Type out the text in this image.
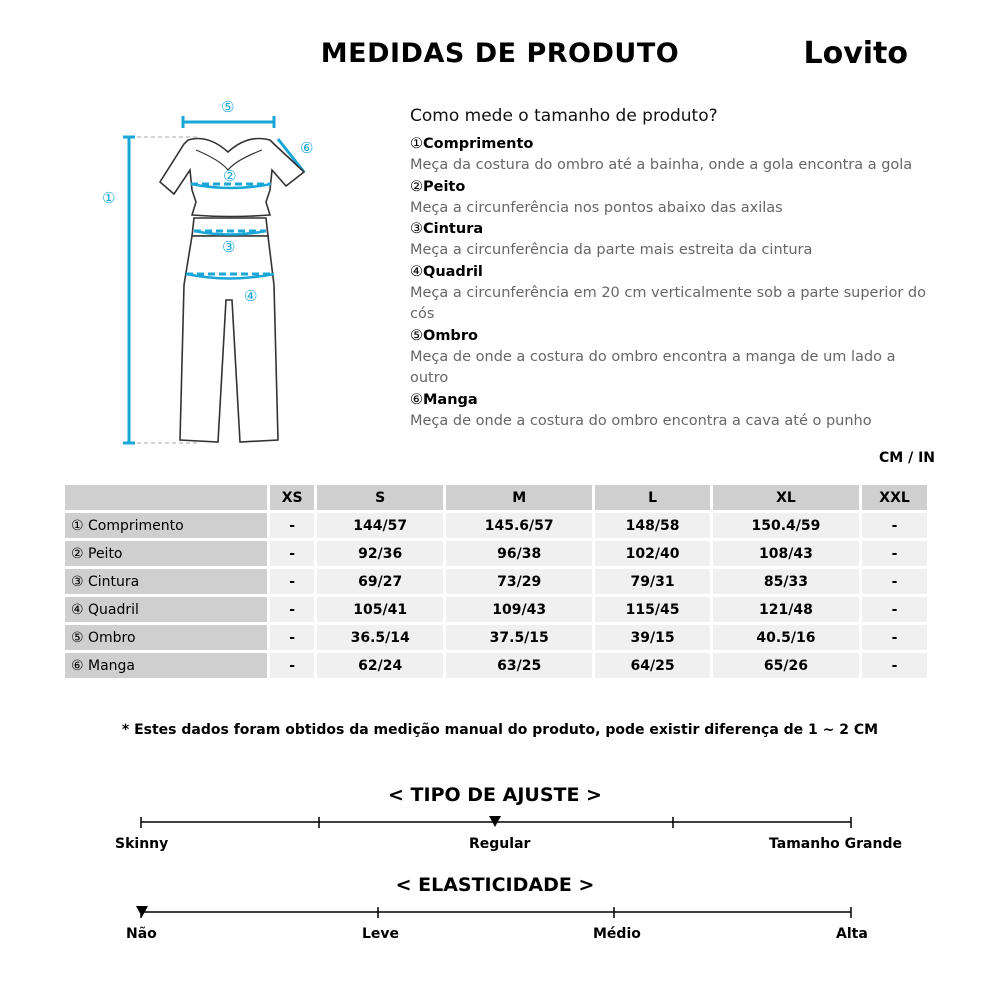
MEDIDAS DE PRODUTO	Lovito
①
②
③
④
⑤
⑥
Como mede o tamanho de produto?
①Comprimento
Meça da costura do ombro até a bainha, onde a gola encontra a gola
②Peito
Meça a circunferência nos pontos abaixo das axilas
③Cintura
Meça a circunferência da parte mais estreita da cintura
④Quadril
Meça a circunferência em 20 cm verticalmente sob a parte superior do cós
⑤Ombro
Meça de onde a costura do ombro encontra a manga de um lado a outro
⑥Manga
Meça de onde a costura do ombro encontra a cava até o punho
CM / IN
	XS	S	M	L	XL	XXL
① Comprimento	-	144/57	145.6/57	148/58	150.4/59	-
② Peito	-	92/36	96/38	102/40	108/43	-
③ Cintura	-	69/27	73/29	79/31	85/33	-
④ Quadril	-	105/41	109/43	115/45	121/48	-
⑤ Ombro	-	36.5/14	37.5/15	39/15	40.5/16	-
⑥ Manga	-	62/24	63/25	64/25	65/26	-
* Estes dados foram obtidos da medição manual do produto, pode existir diferença de 1 ~ 2 CM
< TIPO DE AJUSTE >
Skinny	Regular	Tamanho Grande
< ELASTICIDADE >
Não	Leve	Médio	Alta
